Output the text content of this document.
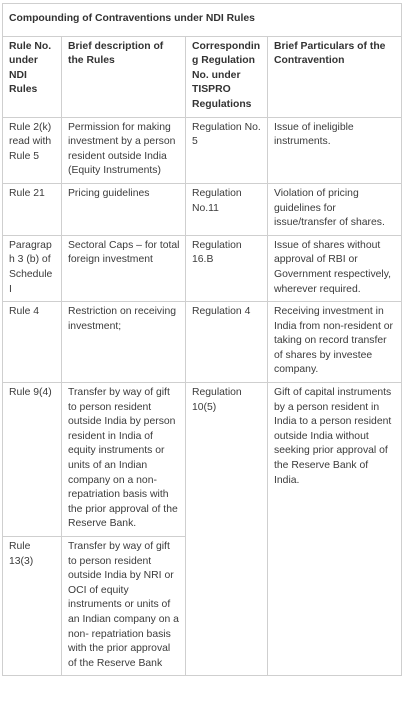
Compounding of Contraventions under NDI Rules			
Rule No. under NDI Rules	Brief description of the Rules	Corresponding Regulation No. under TISPRO Regulations	Brief Particulars of the Contravention
Rule 2(k) read with Rule 5	Permission for making investment by a person resident outside India (Equity Instruments)	Regulation No. 5	Issue of ineligible instruments.
Rule 21	Pricing guidelines	Regulation No.11	Violation of pricing guidelines for issue/transfer of shares.
Paragraph 3 (b) of Schedule I	Sectoral Caps – for total foreign investment	Regulation 16.B	Issue of shares without approval of RBI or Government respectively, wherever required.
Rule 4	Restriction on receiving investment;	Regulation 4	Receiving investment in India from non-resident or taking on record transfer of shares by investee company.
Rule 9(4)	Transfer by way of gift to person resident outside India by person resident in India of equity instruments or units of an Indian company on a non-repatriation basis with the prior approval of the Reserve Bank.	Regulation 10(5)	Gift of capital instruments by a person resident in India to a person resident outside India without seeking prior approval of the Reserve Bank of India.
Rule 13(3)	Transfer by way of gift to person resident outside India by NRI or OCI of equity instruments or units of an Indian company on a non- repatriation basis with the prior approval of the Reserve Bank		
